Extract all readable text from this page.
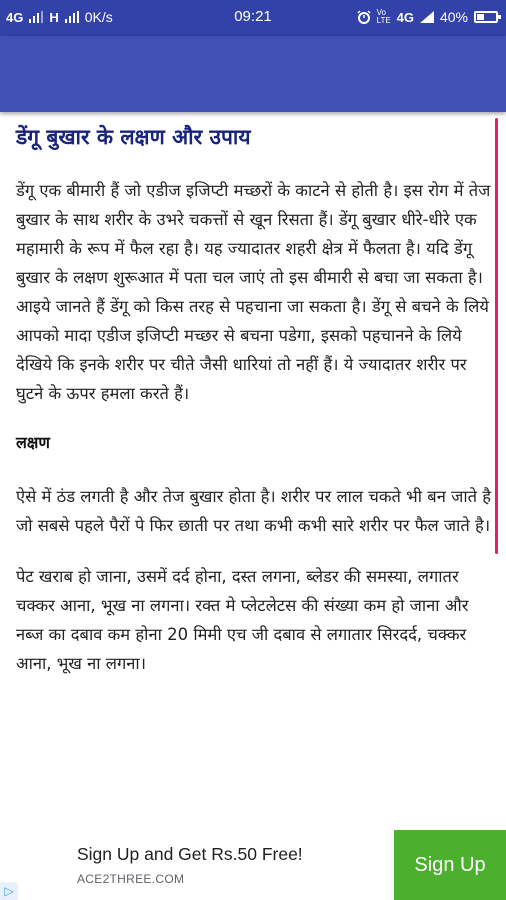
4G H 0K/s	09:21	Vo LTE 4G 40%
डेंगू बुखार के लक्षण और उपाय

डेंगू एक बीमारी हैं जो एडीज इजिप्टी मच्छरों के काटने से होती है। इस रोग में तेज बुखार के साथ शरीर के उभरे चकत्तों से खून रिसता हैं। डेंगू बुखार धीरे-धीरे एक महामारी के रूप में फैल रहा है। यह ज्यादातर शहरी क्षेत्र में फैलता है। यदि डेंगू बुखार के लक्षण शुरूआत में पता चल जाएं तो इस बीमारी से बचा जा सकता है। आइये जानते हैं डेंगू को किस तरह से पहचाना जा सकता है। डेंगू से बचने के लिये आपको मादा एडीज इजिप्टी मच्छर से बचना पडेगा, इसको पहचानने के लिये देखिये कि इनके शरीर पर चीते जैसी धारियां तो नहीं हैं। ये ज्यादातर शरीर पर घुटने के ऊपर हमला करते हैं।

लक्षण

ऐसे में ठंड लगती है और तेज बुखार होता है। शरीर पर लाल चकते भी बन जाते है जो सबसे पहले पैरों पे फिर छाती पर तथा कभी कभी सारे शरीर पर फैल जाते है।

पेट खराब हो जाना, उसमें दर्द होना, दस्त लगना, ब्लेडर की समस्या, लगातर चक्कर आना, भूख ना लगना। रक्त मे प्लेटलेटस की संख्या कम हो जाना और नब्ज का दबाव कम होना 20 मिमी एच जी दबाव से लगातार सिरदर्द, चक्कर आना, भूख ना लगना।

▷
Sign Up and Get Rs.50 Free!
ACE2THREE.COM
Sign Up
